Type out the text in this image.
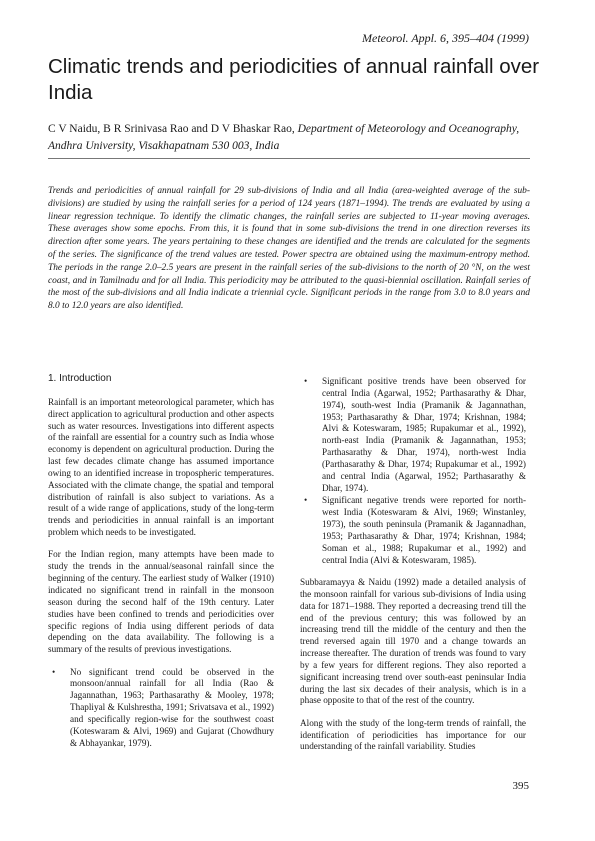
Meteorol. Appl. 6, 395–404 (1999)
Climatic trends and periodicities of annual rainfall over India
C V Naidu, B R Srinivasa Rao and D V Bhaskar Rao, Department of Meteorology and Oceanography, Andhra University, Visakhapatnam 530 003, India

Trends and periodicities of annual rainfall for 29 sub-divisions of India and all India (area-weighted average of the sub-divisions) are studied by using the rainfall series for a period of 124 years (1871–1994). The trends are evaluated by using a linear regression technique. To identify the climatic changes, the rainfall series are subjected to 11-year moving averages. These averages show some epochs. From this, it is found that in some sub-divisions the trend in one direction reverses its direction after some years. The years pertaining to these changes are identified and the trends are calculated for the segments of the series. The significance of the trend values are tested. Power spectra are obtained using the maximum-entropy method. The periods in the range 2.0–2.5 years are present in the rainfall series of the sub-divisions to the north of 20 °N, on the west coast, and in Tamilnadu and for all India. This periodicity may be attributed to the quasi-biennial oscillation. Rainfall series of the most of the sub-divisions and all India indicate a triennial cycle. Significant periods in the range from 3.0 to 8.0 years and 8.0 to 12.0 years are also identified.

1. Introduction

Rainfall is an important meteorological parameter, which has direct application to agricultural production and other aspects such as water resources. Investigations into different aspects of the rainfall are essential for a country such as India whose economy is dependent on agricultural production. During the last few decades climate change has assumed importance owing to an identified increase in tropospheric temperatures. Associated with the climate change, the spatial and temporal distribution of rainfall is also subject to variations. As a result of a wide range of applications, study of the long-term trends and periodicities in annual rainfall is an important problem which needs to be investigated.

For the Indian region, many attempts have been made to study the trends in the annual/seasonal rainfall since the beginning of the century. The earliest study of Walker (1910) indicated no significant trend in rainfall in the monsoon season during the second half of the 19th century. Later studies have been confined to trends and periodicities over specific regions of India using different periods of data depending on the data availability. The following is a summary of the results of previous investigations.

• No significant trend could be observed in the monsoon/annual rainfall for all India (Rao & Jagannathan, 1963; Parthasarathy & Mooley, 1978; Thapliyal & Kulshrestha, 1991; Srivatsava et al., 1992) and specifically region-wise for the southwest coast (Koteswaram & Alvi, 1969) and Gujarat (Chowdhury & Abhayankar, 1979).
• Significant positive trends have been observed for central India (Agarwal, 1952; Parthasarathy & Dhar, 1974), south-west India (Pramanik & Jagannathan, 1953; Parthasarathy & Dhar, 1974; Krishnan, 1984; Alvi & Koteswaram, 1985; Rupakumar et al., 1992), north-east India (Pramanik & Jagannathan, 1953; Parthasarathy & Dhar, 1974), north-west India (Parthasarathy & Dhar, 1974; Rupakumar et al., 1992) and central India (Agarwal, 1952; Parthasarathy & Dhar, 1974).
• Significant negative trends were reported for north-west India (Koteswaram & Alvi, 1969; Winstanley, 1973), the south peninsula (Pramanik & Jagannadhan, 1953; Parthasarathy & Dhar, 1974; Krishnan, 1984; Soman et al., 1988; Rupakumar et al., 1992) and central India (Alvi & Koteswaram, 1985).

Subbaramayya & Naidu (1992) made a detailed analysis of the monsoon rainfall for various sub-divisions of India using data for 1871–1988. They reported a decreasing trend till the end of the previous century; this was followed by an increasing trend till the middle of the century and then the trend reversed again till 1970 and a change towards an increase thereafter. The duration of trends was found to vary by a few years for different regions. They also reported a significant increasing trend over south-east peninsular India during the last six decades of their analysis, which is in a phase opposite to that of the rest of the country.

Along with the study of the long-term trends of rainfall, the identification of periodicities has importance for our understanding of the rainfall variability. Studies

395
